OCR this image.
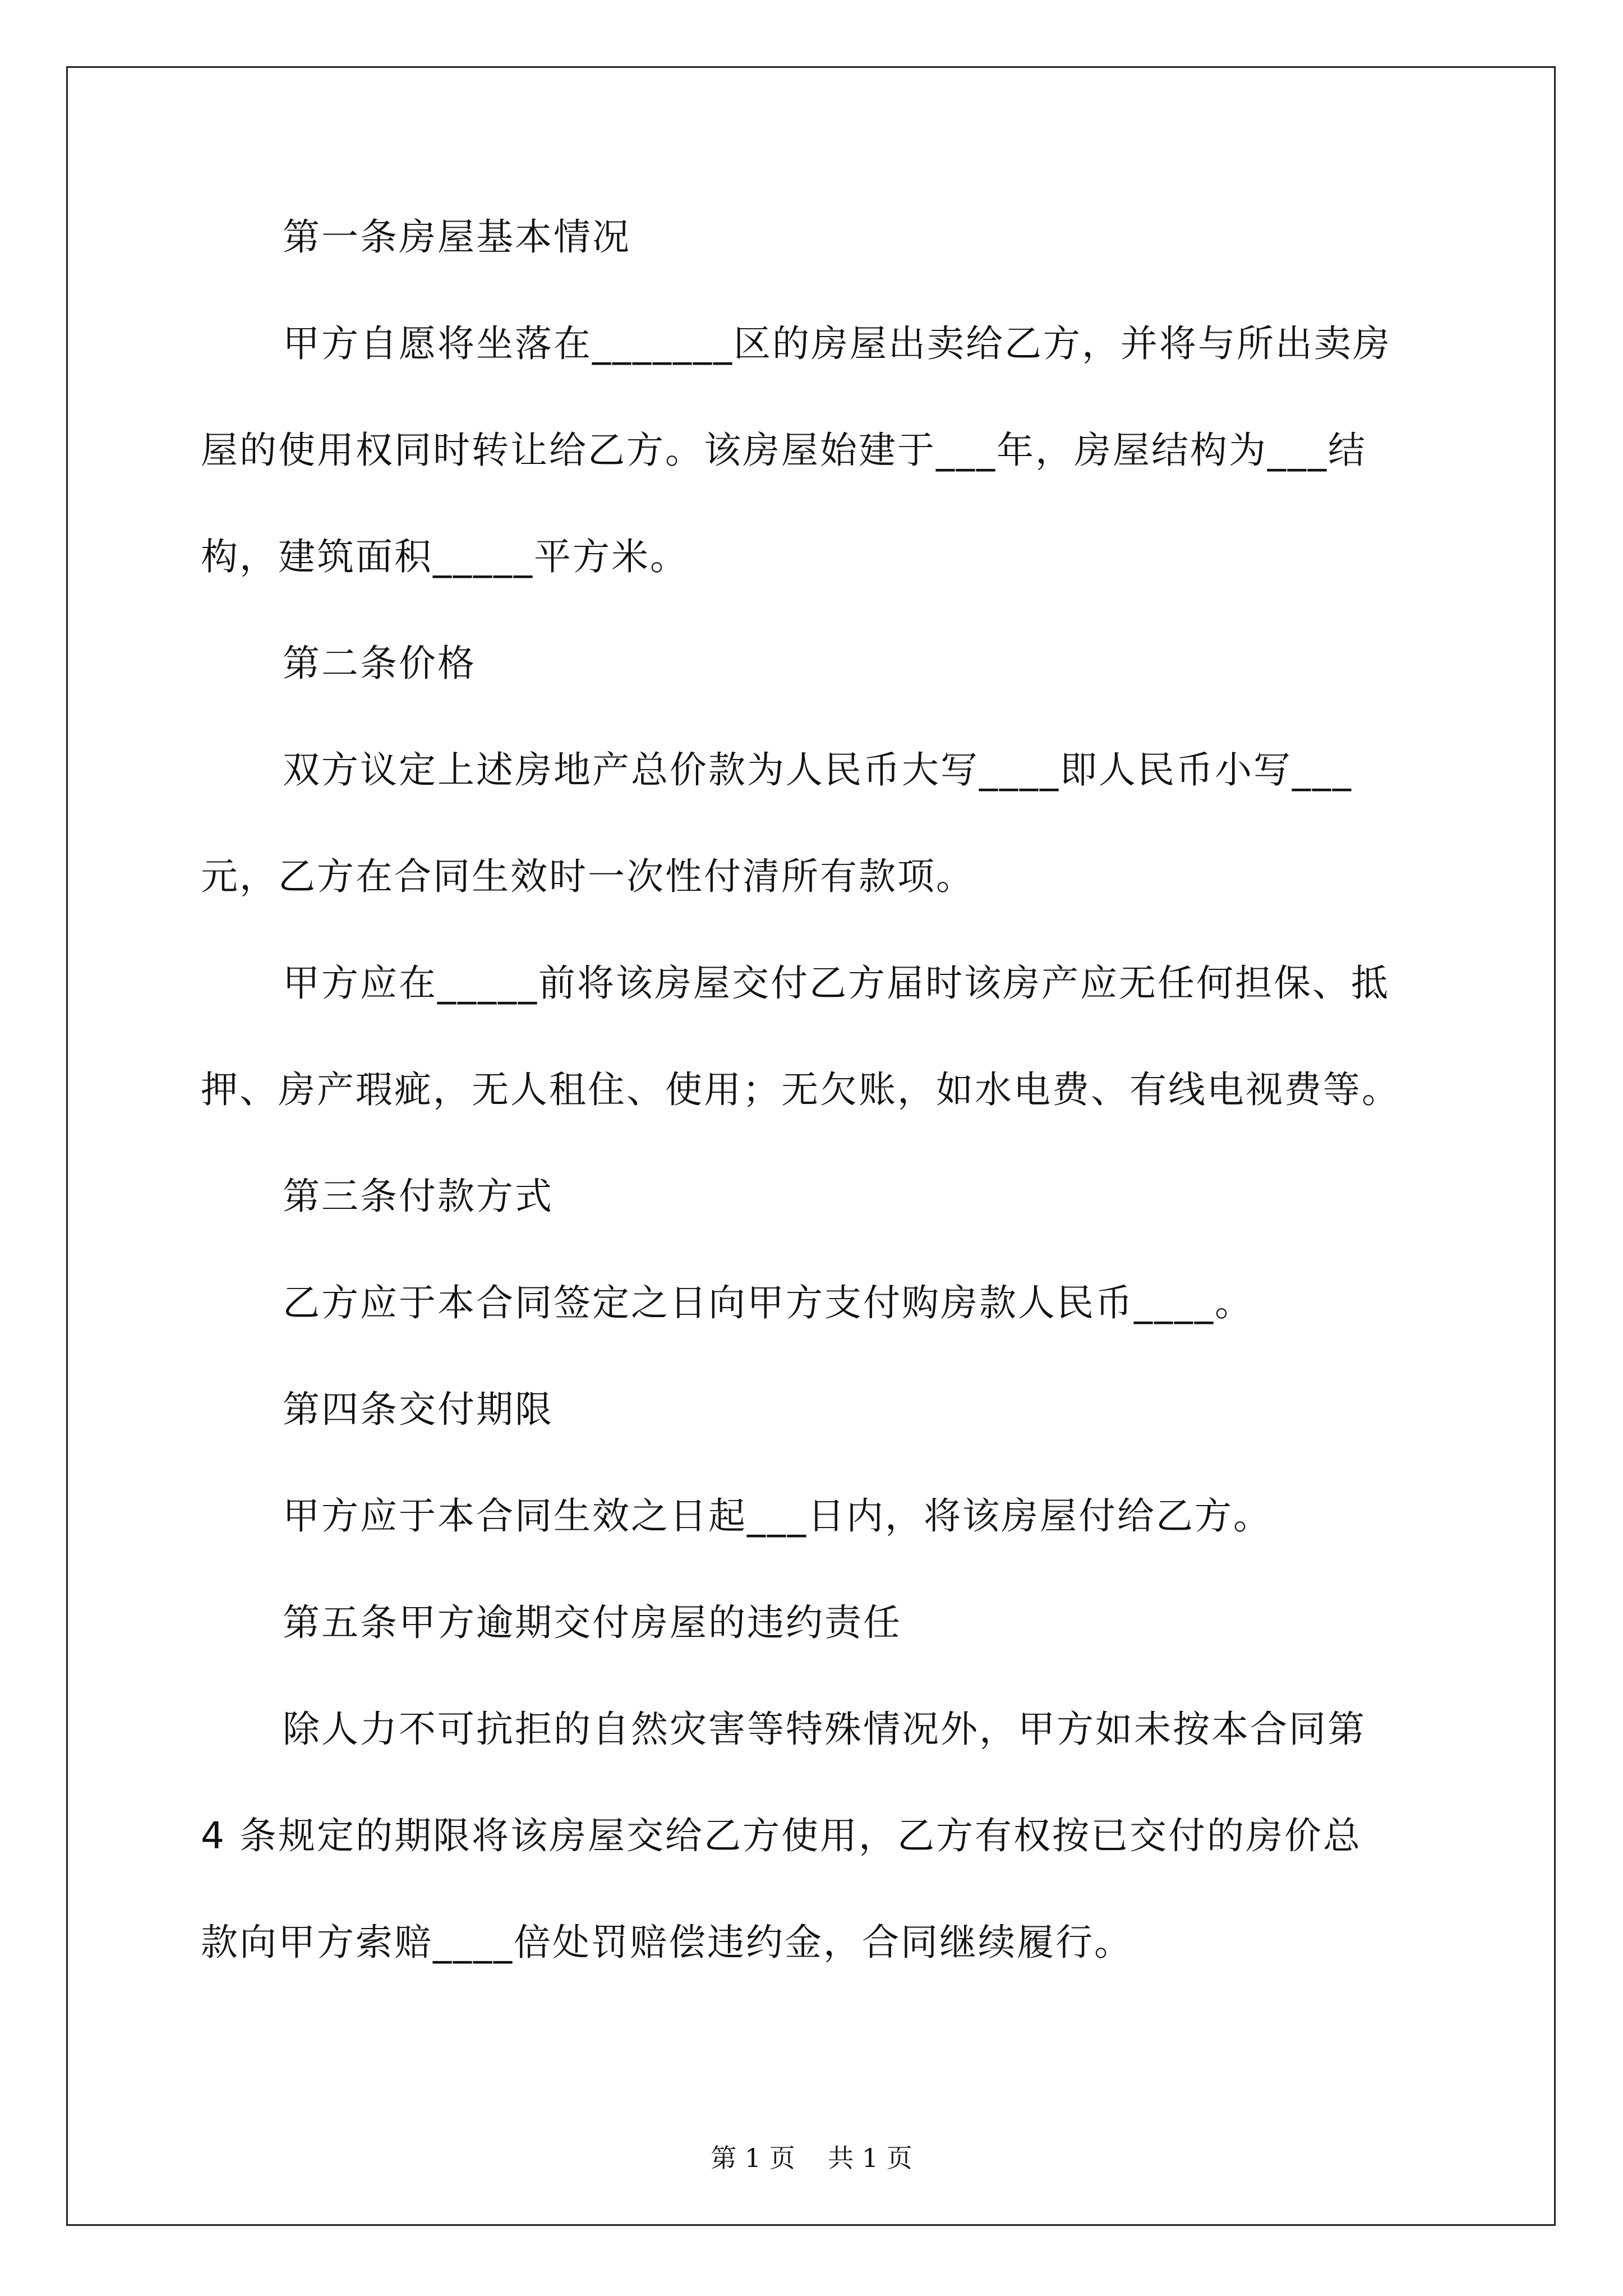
第一条房屋基本情况
甲方自愿将坐落在_______区的房屋出卖给乙方，并将与所出卖房
屋的使用权同时转让给乙方。该房屋始建于___年，房屋结构为___结
构，建筑面积_____平方米。
第二条价格
双方议定上述房地产总价款为人民币大写____即人民币小写___
元，乙方在合同生效时一次性付清所有款项。
甲方应在_____前将该房屋交付乙方届时该房产应无任何担保、抵
押、房产瑕疵，无人租住、使用；无欠账，如水电费、有线电视费等。
第三条付款方式
乙方应于本合同签定之日向甲方支付购房款人民币____。
第四条交付期限
甲方应于本合同生效之日起___日内，将该房屋付给乙方。
第五条甲方逾期交付房屋的违约责任
除人力不可抗拒的自然灾害等特殊情况外，甲方如未按本合同第
4 条规定的期限将该房屋交给乙方使用，乙方有权按已交付的房价总
款向甲方索赔____倍处罚赔偿违约金，合同继续履行。
第 1 页 共 1 页
